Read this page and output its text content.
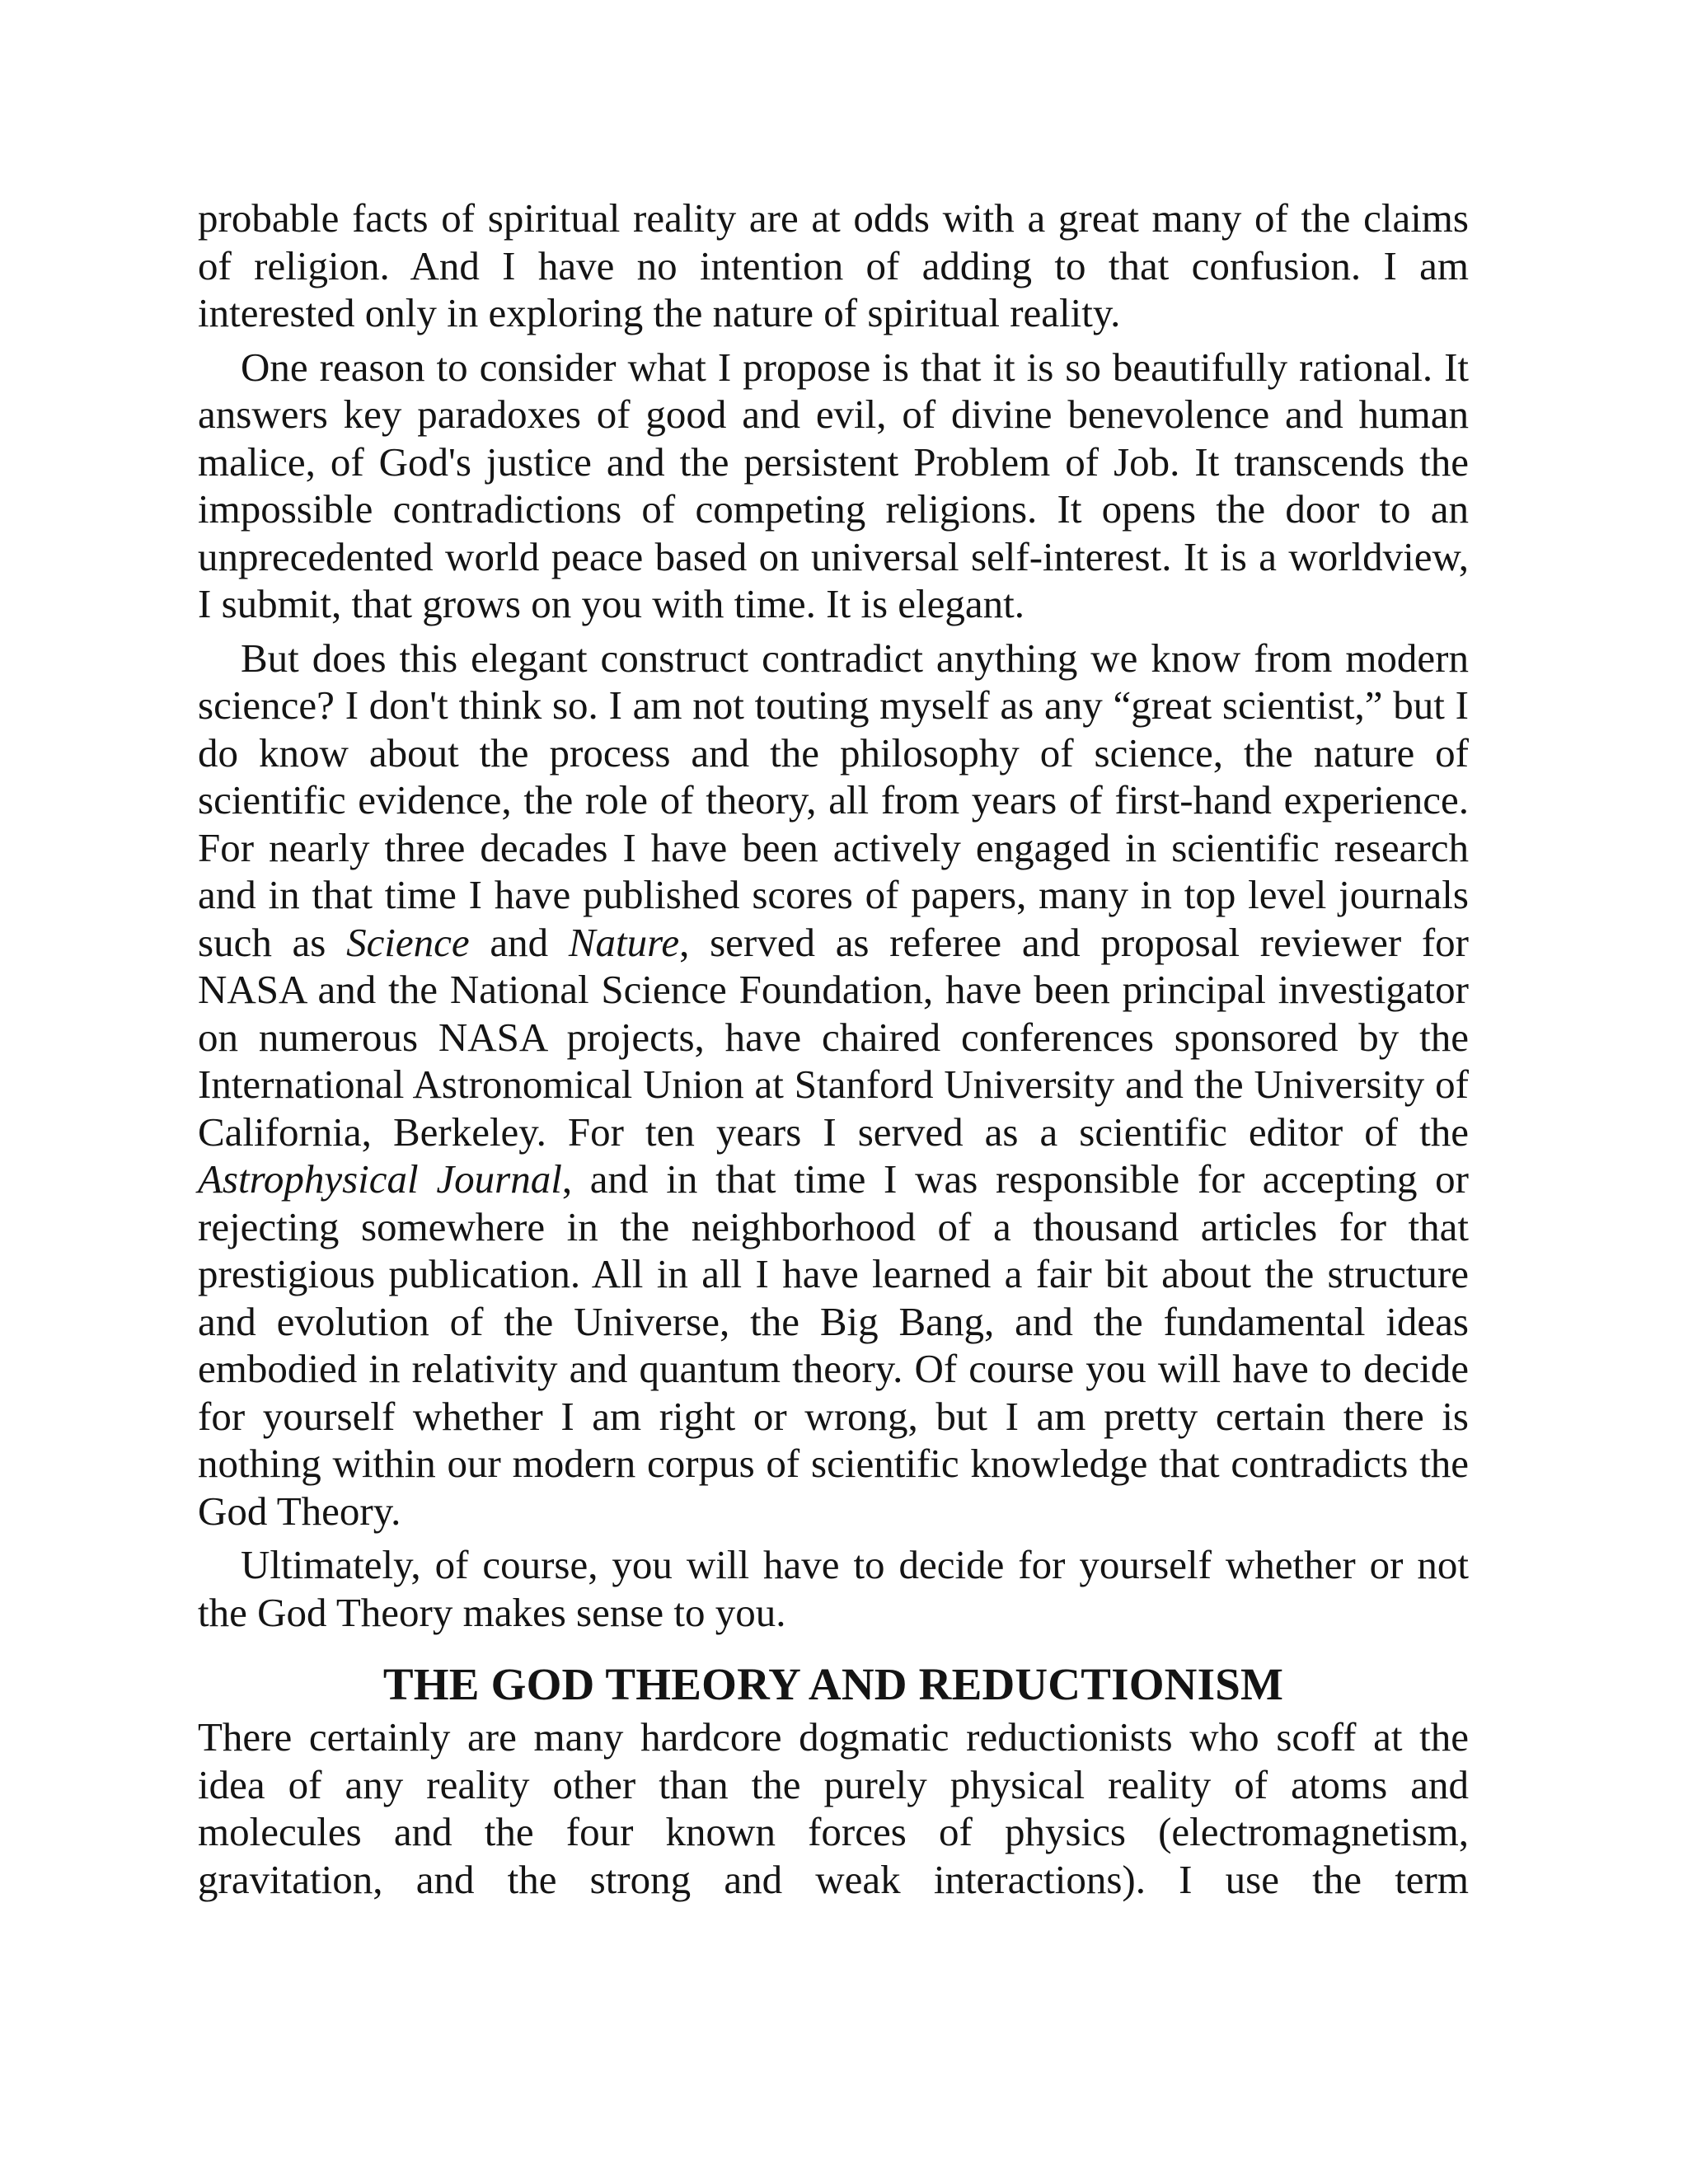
probable facts of spiritual reality are at odds with a great many of the claims of religion. And I have no intention of adding to that confusion. I am interested only in exploring the nature of spiritual reality.

One reason to consider what I propose is that it is so beautifully rational. It answers key paradoxes of good and evil, of divine benevolence and human malice, of God's justice and the persistent Problem of Job. It transcends the impossible contradictions of competing religions. It opens the door to an unprecedented world peace based on universal self-interest. It is a worldview, I submit, that grows on you with time. It is elegant.

But does this elegant construct contradict anything we know from modern science? I don't think so. I am not touting myself as any “great scientist,” but I do know about the process and the philosophy of science, the nature of scientific evidence, the role of theory, all from years of first-hand experience. For nearly three decades I have been actively engaged in scientific research and in that time I have published scores of papers, many in top level journals such as Science and Nature, served as referee and proposal reviewer for NASA and the National Science Foundation, have been principal investigator on numerous NASA projects, have chaired conferences sponsored by the International Astronomical Union at Stanford University and the University of California, Berkeley. For ten years I served as a scientific editor of the Astrophysical Journal, and in that time I was responsible for accepting or rejecting somewhere in the neighborhood of a thousand articles for that prestigious publication. All in all I have learned a fair bit about the structure and evolution of the Universe, the Big Bang, and the fundamental ideas embodied in relativity and quantum theory. Of course you will have to decide for yourself whether I am right or wrong, but I am pretty certain there is nothing within our modern corpus of scientific knowledge that contradicts the God Theory.

Ultimately, of course, you will have to decide for yourself whether or not the God Theory makes sense to you.

THE GOD THEORY AND REDUCTIONISM

There certainly are many hardcore dogmatic reductionists who scoff at the idea of any reality other than the purely physical reality of atoms and molecules and the four known forces of physics (electromagnetism, gravitation, and the strong and weak interactions). I use the term
